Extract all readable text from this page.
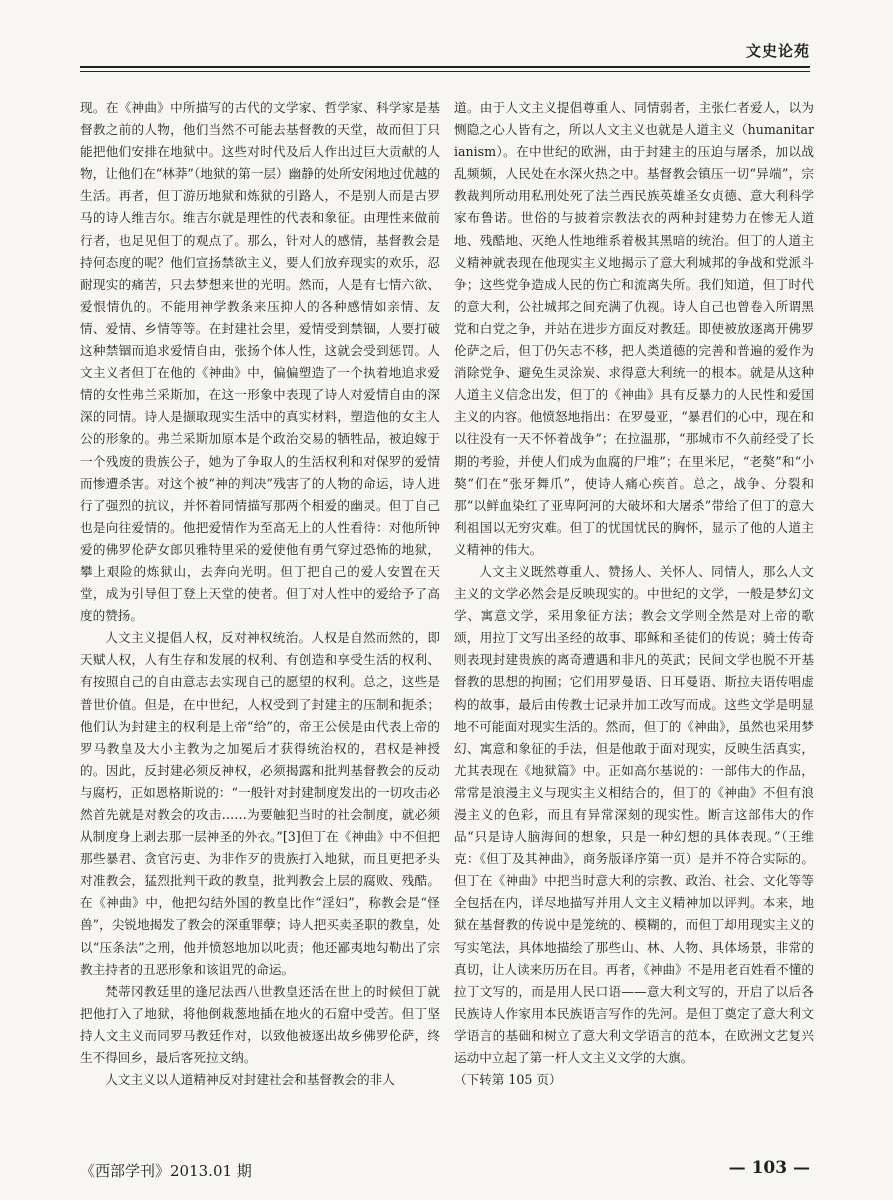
文史论苑

现。在《神曲》中所描写的古代的文学家、哲学家、科学家是基督教之前的人物，他们当然不可能去基督教的天堂，故而但丁只能把他们安排在地狱中。这些对时代及后人作出过巨大贡献的人物，让他们在“林莽”（地狱的第一层）幽静的处所安闲地过优越的生活。再者，但丁游历地狱和炼狱的引路人，不是别人而是古罗马的诗人维吉尔。维吉尔就是理性的代表和象征。由理性来做前行者，也足见但丁的观点了。那么，针对人的感情，基督教会是持何态度的呢？他们宣扬禁欲主义，要人们放弃现实的欢乐，忍耐现实的痛苦，只去梦想来世的光明。然而，人是有七情六欲、爱恨情仇的。不能用神学教条来压抑人的各种感情如亲情、友情、爱情、乡情等等。在封建社会里，爱情受到禁锢，人要打破这种禁锢而追求爱情自由，张扬个体人性，这就会受到惩罚。人文主义者但丁在他的《神曲》中，偏偏塑造了一个执着地追求爱情的女性弗兰采斯加，在这一形象中表现了诗人对爱情自由的深深的同情。诗人是撷取现实生活中的真实材料，塑造他的女主人公的形象的。弗兰采斯加原本是个政治交易的牺牲品，被迫嫁于一个残废的贵族公子，她为了争取人的生活权利和对保罗的爱情而惨遭杀害。对这个被“神的判决”残害了的人物的命运，诗人进行了强烈的抗议，并怀着同情描写那两个相爱的幽灵。但丁自己也是向往爱情的。他把爱情作为至高无上的人性看待：对他所钟爱的佛罗伦萨女郎贝雅特里采的爱使他有勇气穿过恐怖的地狱，攀上艰险的炼狱山，去奔向光明。但丁把自己的爱人安置在天堂，成为引导但丁登上天堂的使者。但丁对人性中的爱给予了高度的赞扬。

人文主义提倡人权，反对神权统治。人权是自然而然的，即天赋人权，人有生存和发展的权利、有创造和享受生活的权利、有按照自己的自由意志去实现自己的愿望的权利。总之，这些是普世价值。但是，在中世纪，人权受到了封建主的压制和扼杀；他们认为封建主的权利是上帝“给”的，帝王公侯是由代表上帝的罗马教皇及大小主教为之加冕后才获得统治权的，君权是神授的。因此，反封建必须反神权，必须揭露和批判基督教会的反动与腐朽，正如恩格斯说的：“一般针对封建制度发出的一切攻击必然首先就是对教会的攻击……为要触犯当时的社会制度，就必须从制度身上剥去那一层神圣的外衣。”[3]但丁在《神曲》中不但把那些暴君、贪官污吏、为非作歹的贵族打入地狱，而且更把矛头对准教会，猛烈批判干政的教皇，批判教会上层的腐败、残酷。在《神曲》中，他把勾结外国的教皇比作“淫妇”，称教会是“怪兽”，尖锐地揭发了教会的深重罪孽；诗人把买卖圣职的教皇，处以“压条法”之刑，他并愤怒地加以叱责；他还鄙夷地勾勒出了宗教主持者的丑恶形象和该诅咒的命运。

梵蒂冈教廷里的逢尼法西八世教皇还活在世上的时候但丁就把他打入了地狱，将他倒栽葱地插在地火的石窟中受苦。但丁坚持人文主义而同罗马教廷作对，以致他被逐出故乡佛罗伦萨，终生不得回乡，最后客死拉文纳。

人文主义以人道精神反对封建社会和基督教会的非人

道。由于人文主义提倡尊重人、同情弱者，主张仁者爱人，以为恻隐之心人皆有之，所以人文主义也就是人道主义（humanitarianism）。在中世纪的欧洲，由于封建主的压迫与屠杀，加以战乱频频，人民处在水深火热之中。基督教会镇压一切“异端”，宗教裁判所动用私刑处死了法兰西民族英雄圣女贞德、意大利科学家布鲁诺。世俗的与披着宗教法衣的两种封建势力在惨无人道地、残酷地、灭绝人性地维系着极其黑暗的统治。但丁的人道主义精神就表现在他现实主义地揭示了意大利城邦的争战和党派斗争；这些党争造成人民的伤亡和流离失所。我们知道，但丁时代的意大利，公社城邦之间充满了仇视。诗人自己也曾卷入所谓黑党和白党之争，并站在进步方面反对教廷。即使被放逐离开佛罗伦萨之后，但丁仍矢志不移，把人类道德的完善和普遍的爱作为消除党争、避免生灵涂炭、求得意大利统一的根本。就是从这种人道主义信念出发，但丁的《神曲》具有反暴力的人民性和爱国主义的内容。他愤怒地指出：在罗曼亚，“暴君们的心中，现在和以往没有一天不怀着战争”；在拉温那，“那城市不久前经受了长期的考验，并使人们成为血腐的尸堆”；在里米尼，“老獒”和“小獒”们在“张牙舞爪”，使诗人痛心疾首。总之，战争、分裂和那“以鲜血染红了亚卑阿河的大破坏和大屠杀”带给了但丁的意大利祖国以无穷灾难。但丁的忧国忧民的胸怀，显示了他的人道主义精神的伟大。

人文主义既然尊重人、赞扬人、关怀人、同情人，那么人文主义的文学必然会是反映现实的。中世纪的文学，一般是梦幻文学、寓意文学，采用象征方法；教会文学则全然是对上帝的歌颂，用拉丁文写出圣经的故事、耶稣和圣徒们的传说；骑士传奇则表现封建贵族的离奇遭遇和非凡的英武；民间文学也脱不开基督教的思想的拘囿；它们用罗曼语、日耳曼语、斯拉夫语传唱虚构的故事，最后由传教士记录并加工改写而成。这些文学是明显地不可能面对现实生活的。然而，但丁的《神曲》，虽然也采用梦幻、寓意和象征的手法，但是他敢于面对现实，反映生活真实，尤其表现在《地狱篇》中。正如高尔基说的：一部伟大的作品，常常是浪漫主义与现实主义相结合的，但丁的《神曲》不但有浪漫主义的色彩，而且有异常深刻的现实性。断言这部伟大的作品“只是诗人脑海间的想象，只是一种幻想的具体表现。”（王维克：《但丁及其神曲》，商务版译序第一页）是并不符合实际的。但丁在《神曲》中把当时意大利的宗教、政治、社会、文化等等全包括在内，详尽地描写并用人文主义精神加以评判。本来，地狱在基督教的传说中是笼统的、模糊的，而但丁却用现实主义的写实笔法，具体地描绘了那些山、林、人物、具体场景，非常的真切，让人读来历历在目。再者，《神曲》不是用老百姓看不懂的拉丁文写的，而是用人民口语——意大利文写的，开启了以后各民族诗人作家用本民族语言写作的先河。是但丁奠定了意大利文学语言的基础和树立了意大利文学语言的范本，在欧洲文艺复兴运动中立起了第一杆人文主义文学的大旗。

（下转第 105 页）

《西部学刊》2013.01 期	— 103 —
